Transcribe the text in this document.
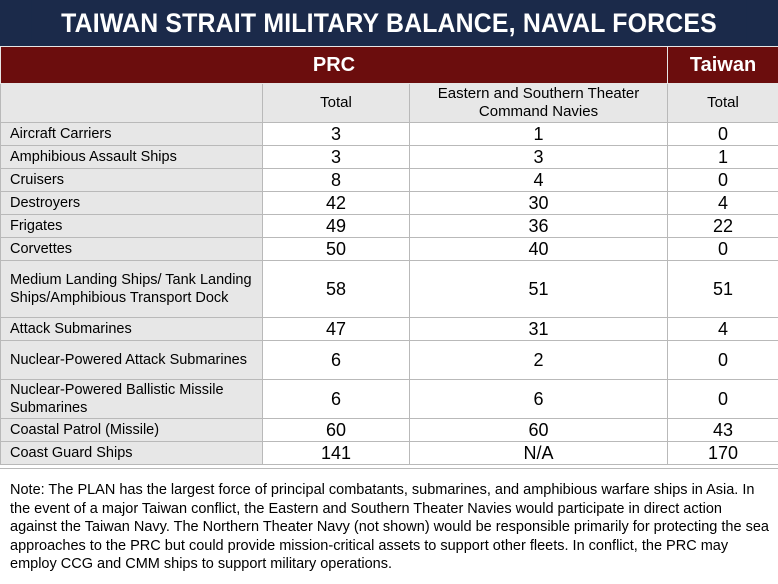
TAIWAN STRAIT MILITARY BALANCE, NAVAL FORCES
PRC			Taiwan
	Total	Eastern and Southern Theater Command Navies	Total
Aircraft Carriers	3	1	0
Amphibious Assault Ships	3	3	1
Cruisers	8	4	0
Destroyers	42	30	4
Frigates	49	36	22
Corvettes	50	40	0
Medium Landing Ships/ Tank Landing Ships/Amphibious Transport Dock	58	51	51
Attack Submarines	47	31	4
Nuclear-Powered Attack Submarines	6	2	0
Nuclear-Powered Ballistic Missile Submarines	6	6	0
Coastal Patrol (Missile)	60	60	43
Coast Guard Ships	141	N/A	170
Note: The PLAN has the largest force of principal combatants, submarines, and amphibious warfare ships in Asia. In the event of a major Taiwan conflict, the Eastern and Southern Theater Navies would participate in direct action against the Taiwan Navy. The Northern Theater Navy (not shown) would be responsible primarily for protecting the sea approaches to the PRC but could provide mission-critical assets to support other fleets. In conflict, the PRC may employ CCG and CMM ships to support military operations.
